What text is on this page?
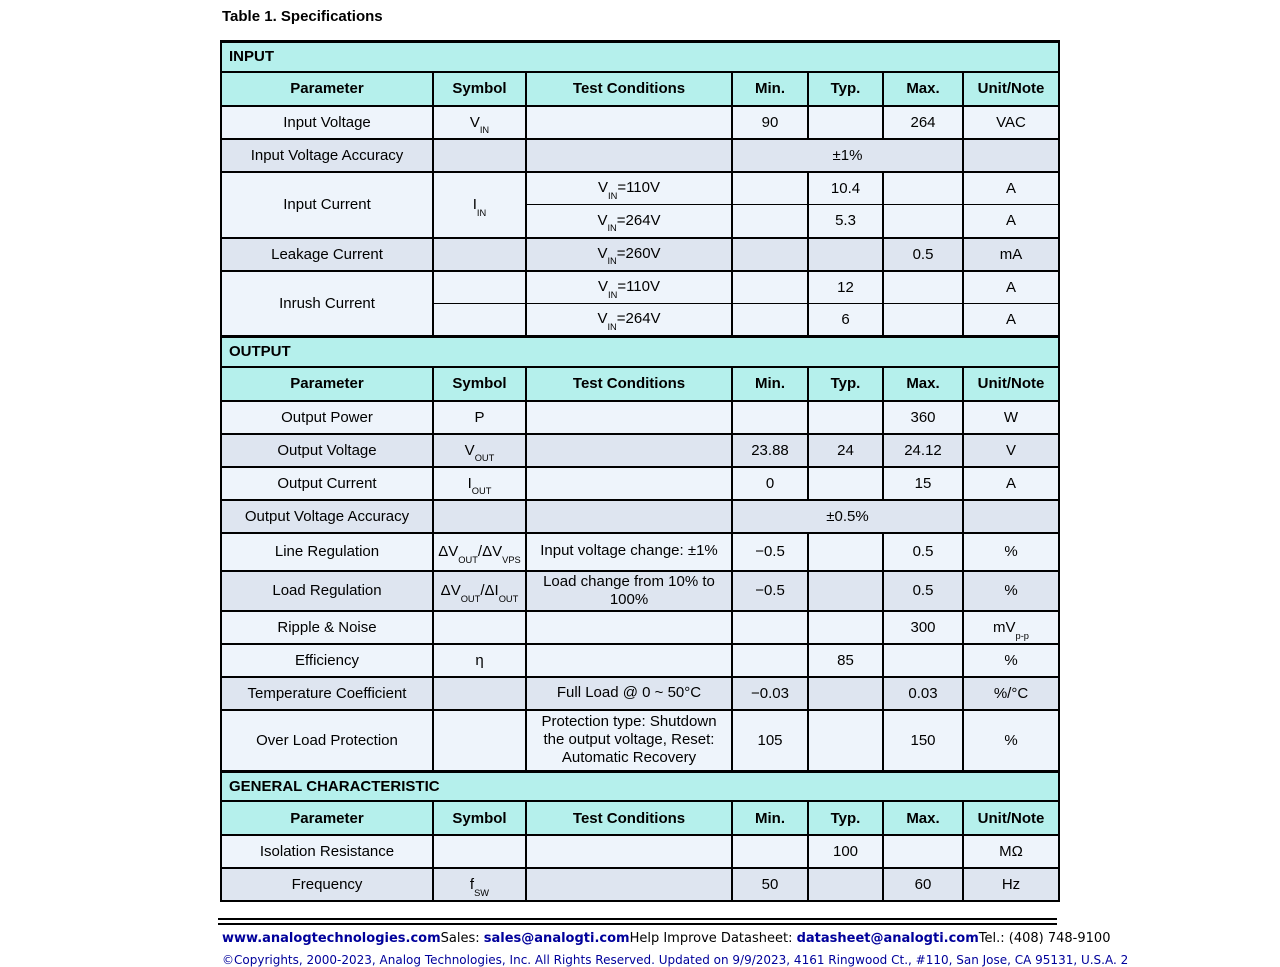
Table 1. Specifications
INPUT						
Parameter	Symbol	Test Conditions	Min.	Typ.	Max.	Unit/Note
Input Voltage	$V_{IN}$		90		264	VAC
Input Voltage Accuracy			±1%			
Input Current	$I_{IN}$	$V_{IN}=110V$		10.4		A
		$V_{IN}=264V$		5.3		A
Leakage Current		$V_{IN}=260V$			0.5	mA
Inrush Current		$V_{IN}=110V$		12		A
		$V_{IN}=264V$		6		A
OUTPUT						
Parameter	Symbol	Test Conditions	Min.	Typ.	Max.	Unit/Note
Output Power	P				360	W
Output Voltage	$V_{OUT}$		23.88	24	24.12	V
Output Current	$I_{OUT}$		0		15	A
Output Voltage Accuracy			±0.5%			
Line Regulation	$\Delta V_{OUT}/\Delta V_{VPS}$	Input voltage change: ±1%	−0.5		0.5	%
Load Regulation	$\Delta V_{OUT}/\Delta I_{OUT}$	Load change from 10% to 100%	−0.5		0.5	%
Ripple & Noise					300	$mV_{p-p}$
Efficiency	η			85		%
Temperature Coefficient		Full Load @ 0 ~ 50°C	−0.03		0.03	%/°C
Over Load Protection		Protection type: Shutdown the output voltage, Reset: Automatic Recovery	105		150	%
GENERAL CHARACTERISTIC						
Parameter	Symbol	Test Conditions	Min.	Typ.	Max.	Unit/Note
Isolation Resistance				100		MΩ
Frequency	$f_{SW}$		50		60	Hz
www.analogtechnologies.com Sales: sales@analogti.com Help Improve Datasheet: datasheet@analogti.com Tel.: (408) 748-9100
©Copyrights, 2000-2023, Analog Technologies, Inc. All Rights Reserved. Updated on 9/9/2023, 4161 Ringwood Ct., #110, San Jose, CA 95131, U.S.A. 2
